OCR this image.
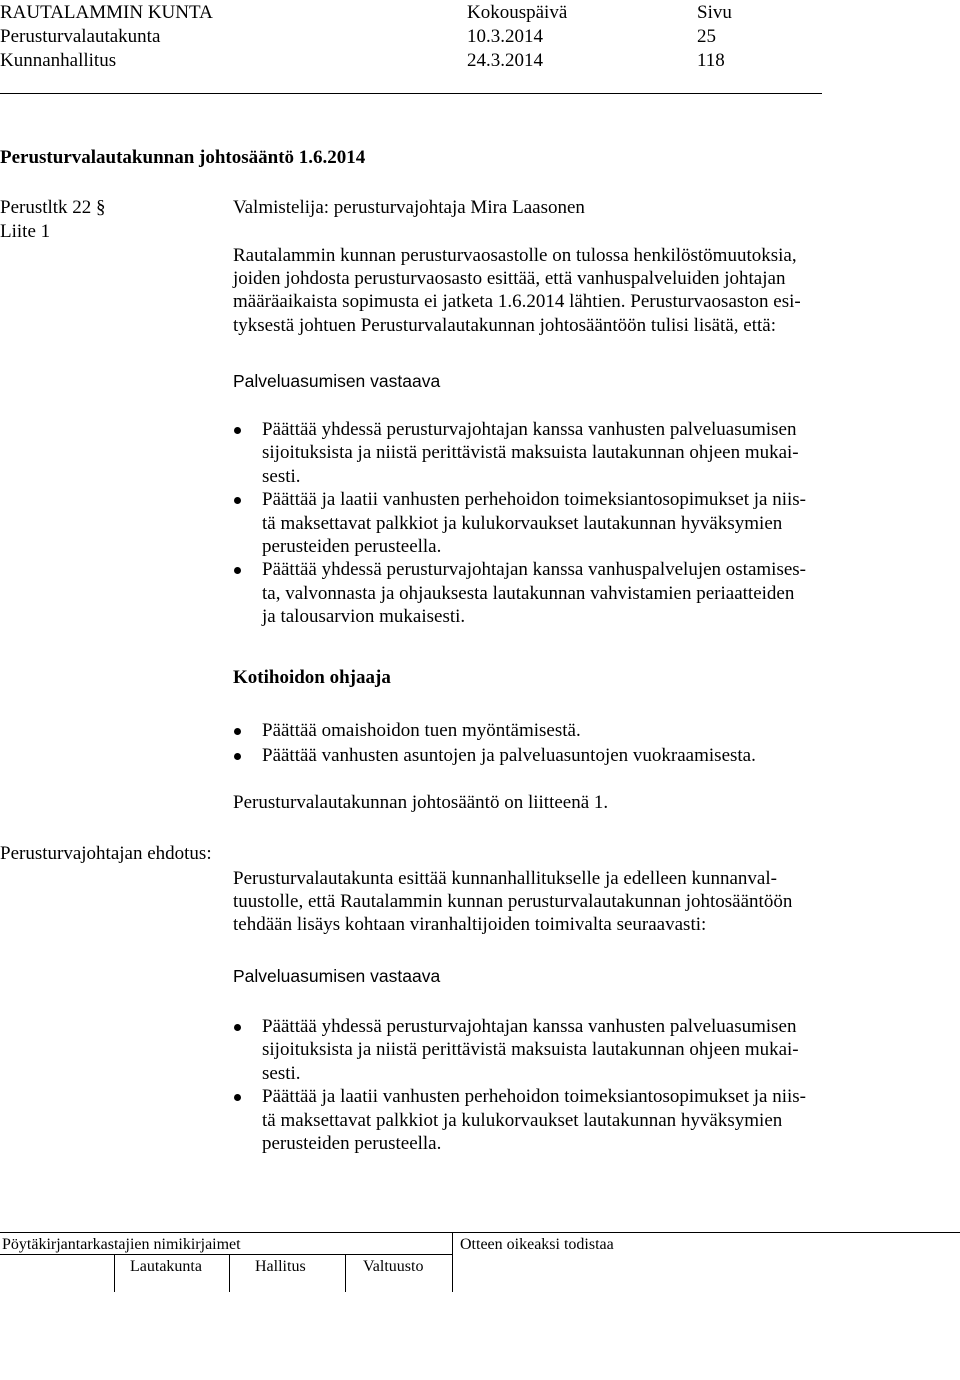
RAUTALAMMIN KUNTA	Kokouspäivä	Sivu
Perusturvalautakunta	10.3.2014	25
Kunnanhallitus	24.3.2014	118
Perusturvalautakunnan johtosääntö 1.6.2014
Perustltk 22 §
Liite 1
Valmistelija: perusturvajohtaja Mira Laasonen
Rautalammin kunnan perusturvaosastolle on tulossa henkilöstömuutoksia,
joiden johdosta perusturvaosasto esittää, että vanhuspalveluiden johtajan
määräaikaista sopimusta ei jatketa 1.6.2014 lähtien. Perusturvaosaston esi-
tyksestä johtuen Perusturvalautakunnan johtosääntöön tulisi lisätä, että:
Palveluasumisen vastaava
Päättää yhdessä perusturvajohtajan kanssa vanhusten palveluasumisen
sijoituksista ja niistä perittävistä maksuista lautakunnan ohjeen mukai-
sesti.
Päättää ja laatii vanhusten perhehoidon toimeksiantosopimukset ja niis-
tä maksettavat palkkiot ja kulukorvaukset lautakunnan hyväksymien
perusteiden perusteella.
Päättää yhdessä perusturvajohtajan kanssa vanhuspalvelujen ostamises-
ta, valvonnasta ja ohjauksesta lautakunnan vahvistamien periaatteiden
ja talousarvion mukaisesti.
Kotihoidon ohjaaja
Päättää omaishoidon tuen myöntämisestä.
Päättää vanhusten asuntojen ja palveluasuntojen vuokraamisesta.
Perusturvalautakunnan johtosääntö on liitteenä 1.
Perusturvajohtajan ehdotus:
Perusturvalautakunta esittää kunnanhallitukselle ja edelleen kunnanval-
tuustolle, että Rautalammin kunnan perusturvalautakunnan johtosääntöön
tehdään lisäys kohtaan viranhaltijoiden toimivalta seuraavasti:
Palveluasumisen vastaava
Päättää yhdessä perusturvajohtajan kanssa vanhusten palveluasumisen
sijoituksista ja niistä perittävistä maksuista lautakunnan ohjeen mukai-
sesti.
Päättää ja laatii vanhusten perhehoidon toimeksiantosopimukset ja niis-
tä maksettavat palkkiot ja kulukorvaukset lautakunnan hyväksymien
perusteiden perusteella.
Pöytäkirjantarkastajien nimikirjaimet	Otteen oikeaksi todistaa
Lautakunta	Hallitus	Valtuusto
